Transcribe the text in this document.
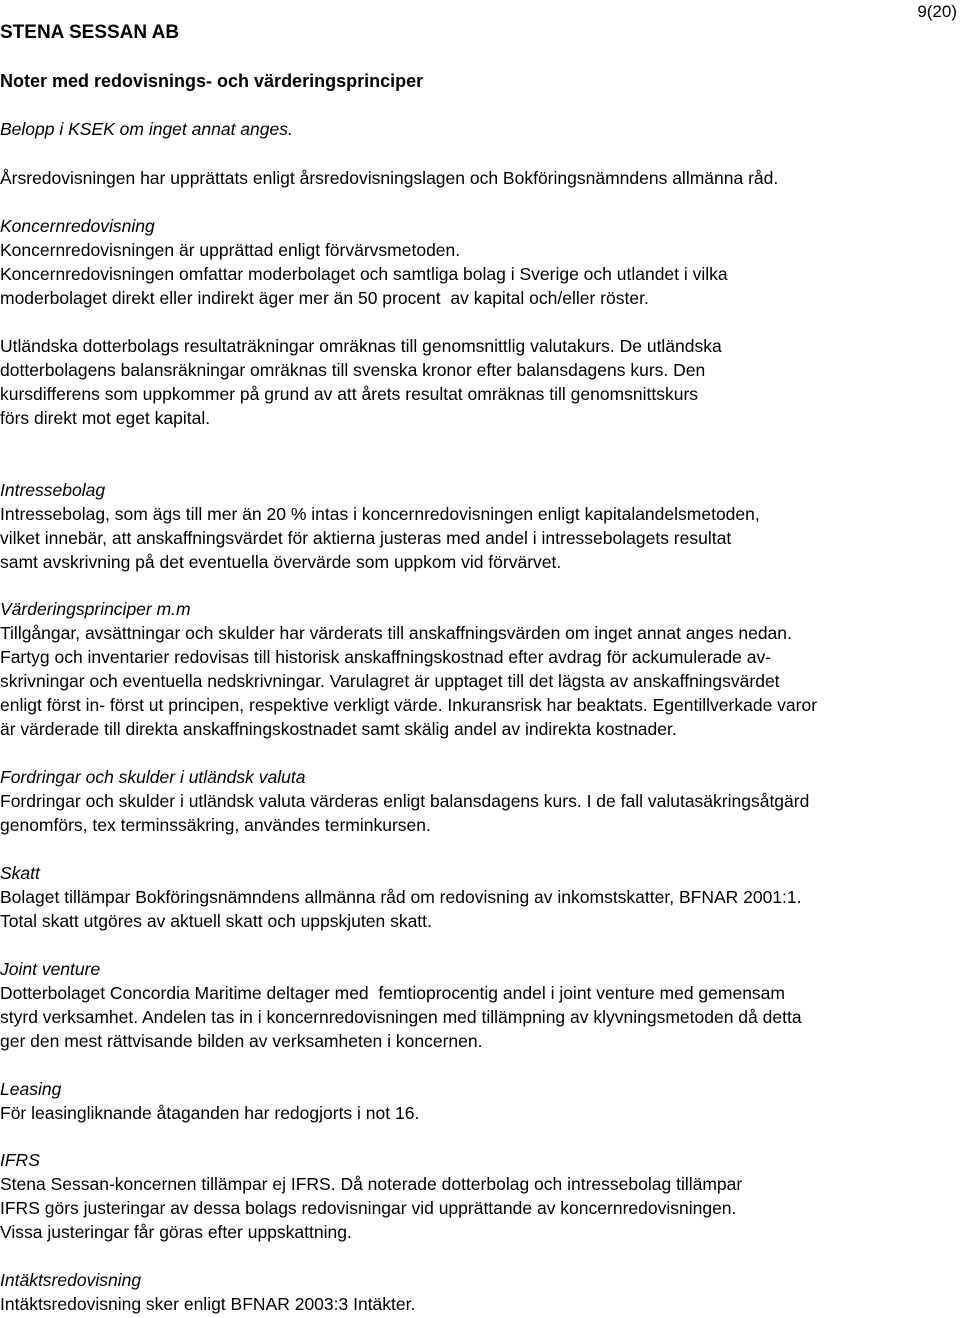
STENA SESSAN AB
9(20)
Noter med redovisnings- och värderingsprinciper
Belopp i KSEK om inget annat anges.
Årsredovisningen har upprättats enligt årsredovisningslagen och Bokföringsnämndens allmänna råd.
Koncernredovisning
Koncernredovisningen är upprättad enligt förvärvsmetoden.
Koncernredovisningen omfattar moderbolaget och samtliga bolag i Sverige och utlandet i vilka
moderbolaget direkt eller indirekt äger mer än 50 procent  av kapital och/eller röster.
Utländska dotterbolags resultaträkningar omräknas till genomsnittlig valutakurs. De utländska
dotterbolagens balansräkningar omräknas till svenska kronor efter balansdagens kurs. Den
kursdifferens som uppkommer på grund av att årets resultat omräknas till genomsnittskurs
förs direkt mot eget kapital.
Intressebolag
Intressebolag, som ägs till mer än 20 % intas i koncernredovisningen enligt kapitalandelsmetoden,
vilket innebär, att anskaffningsvärdet för aktierna justeras med andel i intressebolagets resultat
samt avskrivning på det eventuella övervärde som uppkom vid förvärvet.
Värderingsprinciper m.m
Tillgångar, avsättningar och skulder har värderats till anskaffningsvärden om inget annat anges nedan.
Fartyg och inventarier redovisas till historisk anskaffningskostnad efter avdrag för ackumulerade av-
skrivningar och eventuella nedskrivningar. Varulagret är upptaget till det lägsta av anskaffningsvärdet
enligt först in- först ut principen, respektive verkligt värde. Inkuransrisk har beaktats. Egentillverkade varor
är värderade till direkta anskaffningskostnadet samt skälig andel av indirekta kostnader.
Fordringar och skulder i utländsk valuta
Fordringar och skulder i utländsk valuta värderas enligt balansdagens kurs. I de fall valutasäkringsåtgärd
genomförs, tex terminssäkring, användes terminkursen.
Skatt
Bolaget tillämpar Bokföringsnämndens allmänna råd om redovisning av inkomstskatter, BFNAR 2001:1.
Total skatt utgöres av aktuell skatt och uppskjuten skatt.
Joint venture
Dotterbolaget Concordia Maritime deltager med  femtioprocentig andel i joint venture med gemensam
styrd verksamhet. Andelen tas in i koncernredovisningen med tillämpning av klyvningsmetoden då detta
ger den mest rättvisande bilden av verksamheten i koncernen.
Leasing
För leasingliknande åtaganden har redogjorts i not 16.
IFRS
Stena Sessan-koncernen tillämpar ej IFRS. Då noterade dotterbolag och intressebolag tillämpar
IFRS görs justeringar av dessa bolags redovisningar vid upprättande av koncernredovisningen.
Vissa justeringar får göras efter uppskattning.
Intäktsredovisning
Intäktsredovisning sker enligt BFNAR 2003:3 Intäkter.
